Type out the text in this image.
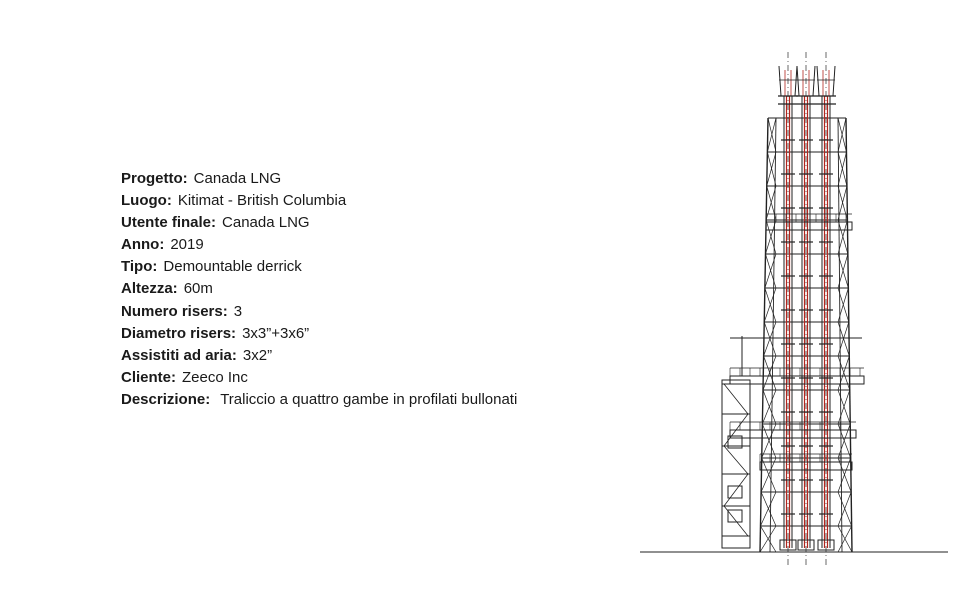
Progetto: Canada LNG
Luogo: Kitimat - British Columbia
Utente finale: Canada LNG
Anno: 2019
Tipo: Demountable derrick
Altezza: 60m
Numero risers: 3
Diametro risers: 3x3”+3x6”
Assistiti ad aria: 3x2”
Cliente: Zeeco Inc
Descrizione: Traliccio a quattro gambe in profilati bullonati
